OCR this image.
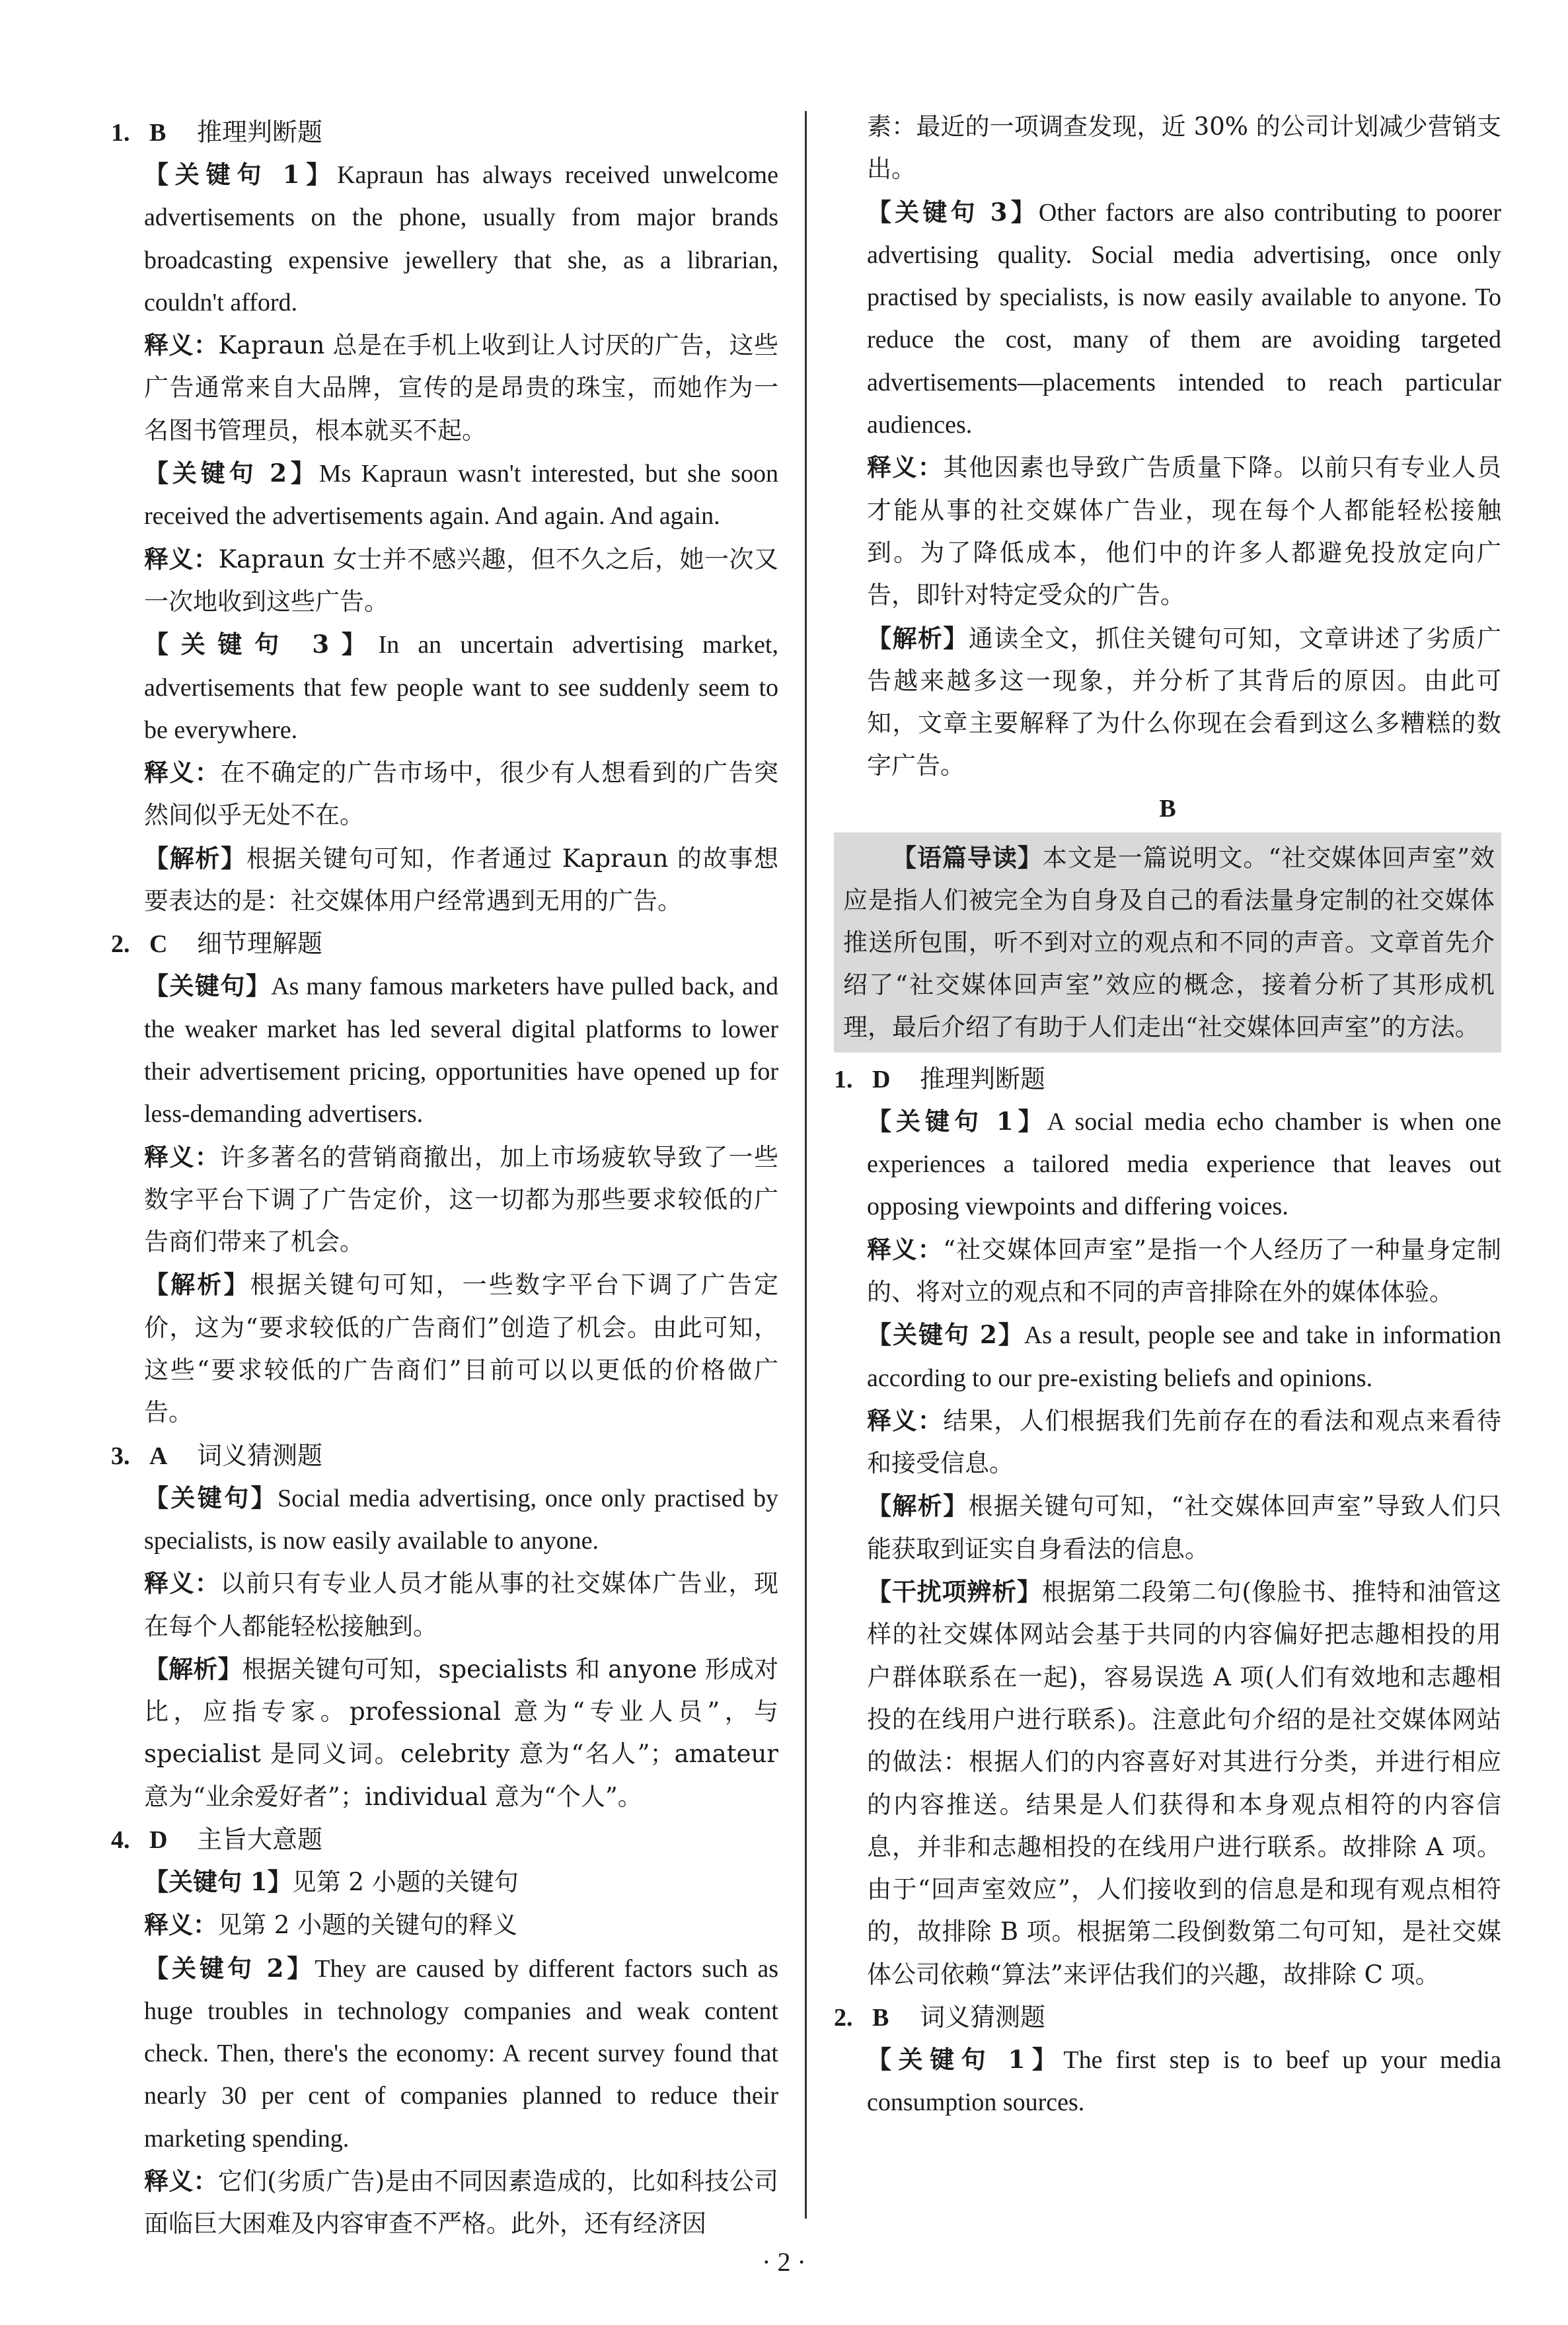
1. B 推理判断题
【关键句 1】Kapraun has always received unwelcome advertisements on the phone, usually from major brands broadcasting expensive jewellery that she, as a librarian, couldn't afford.
释义：Kapraun 总是在手机上收到让人讨厌的广告，这些广告通常来自大品牌，宣传的是昂贵的珠宝，而她作为一名图书管理员，根本就买不起。
【关键句 2】Ms Kapraun wasn't interested, but she soon received the advertisements again. And again. And again.
释义：Kapraun 女士并不感兴趣，但不久之后，她一次又一次地收到这些广告。
【关键句 3】In an uncertain advertising market, advertisements that few people want to see suddenly seem to be everywhere.
释义：在不确定的广告市场中，很少有人想看到的广告突然间似乎无处不在。
【解析】根据关键句可知，作者通过 Kapraun 的故事想要表达的是：社交媒体用户经常遇到无用的广告。
2. C 细节理解题
【关键句】As many famous marketers have pulled back, and the weaker market has led several digital platforms to lower their advertisement pricing, opportunities have opened up for less-demanding advertisers.
释义：许多著名的营销商撤出，加上市场疲软导致了一些数字平台下调了广告定价，这一切都为那些要求较低的广告商们带来了机会。
【解析】根据关键句可知，一些数字平台下调了广告定价，这为“要求较低的广告商们”创造了机会。由此可知，这些“要求较低的广告商们”目前可以以更低的价格做广告。
3. A 词义猜测题
【关键句】Social media advertising, once only practised by specialists, is now easily available to anyone.
释义：以前只有专业人员才能从事的社交媒体广告业，现在每个人都能轻松接触到。
【解析】根据关键句可知，specialists 和 anyone 形成对比，应指专家。professional 意为“专业人员”，与 specialist 是同义词。celebrity 意为“名人”；amateur 意为“业余爱好者”；individual 意为“个人”。
4. D 主旨大意题
【关键句 1】见第 2 小题的关键句
释义：见第 2 小题的关键句的释义
【关键句 2】They are caused by different factors such as huge troubles in technology companies and weak content check. Then, there's the economy: A recent survey found that nearly 30 per cent of companies planned to reduce their marketing spending.
释义：它们(劣质广告)是由不同因素造成的，比如科技公司面临巨大困难及内容审查不严格。此外，还有经济因
素：最近的一项调查发现，近 30% 的公司计划减少营销支出。
【关键句 3】Other factors are also contributing to poorer advertising quality. Social media advertising, once only practised by specialists, is now easily available to anyone. To reduce the cost, many of them are avoiding targeted advertisements—placements intended to reach particular audiences.
释义：其他因素也导致广告质量下降。以前只有专业人员才能从事的社交媒体广告业，现在每个人都能轻松接触到。为了降低成本，他们中的许多人都避免投放定向广告，即针对特定受众的广告。
【解析】通读全文，抓住关键句可知，文章讲述了劣质广告越来越多这一现象，并分析了其背后的原因。由此可知，文章主要解释了为什么你现在会看到这么多糟糕的数字广告。
B
【语篇导读】本文是一篇说明文。“社交媒体回声室”效应是指人们被完全为自身及自己的看法量身定制的社交媒体推送所包围，听不到对立的观点和不同的声音。文章首先介绍了“社交媒体回声室”效应的概念，接着分析了其形成机理，最后介绍了有助于人们走出“社交媒体回声室”的方法。
1. D 推理判断题
【关键句 1】A social media echo chamber is when one experiences a tailored media experience that leaves out opposing viewpoints and differing voices.
释义：“社交媒体回声室”是指一个人经历了一种量身定制的、将对立的观点和不同的声音排除在外的媒体体验。
【关键句 2】As a result, people see and take in information according to our pre-existing beliefs and opinions.
释义：结果，人们根据我们先前存在的看法和观点来看待和接受信息。
【解析】根据关键句可知，“社交媒体回声室”导致人们只能获取到证实自身看法的信息。
【干扰项辨析】根据第二段第二句(像脸书、推特和油管这样的社交媒体网站会基于共同的内容偏好把志趣相投的用户群体联系在一起)，容易误选 A 项(人们有效地和志趣相投的在线用户进行联系)。注意此句介绍的是社交媒体网站的做法：根据人们的内容喜好对其进行分类，并进行相应的内容推送。结果是人们获得和本身观点相符的内容信息，并非和志趣相投的在线用户进行联系。故排除 A 项。由于“回声室效应”，人们接收到的信息是和现有观点相符的，故排除 B 项。根据第二段倒数第二句可知，是社交媒体公司依赖“算法”来评估我们的兴趣，故排除 C 项。
2. B 词义猜测题
【关键句 1】The first step is to beef up your media consumption sources.
· 2 ·
